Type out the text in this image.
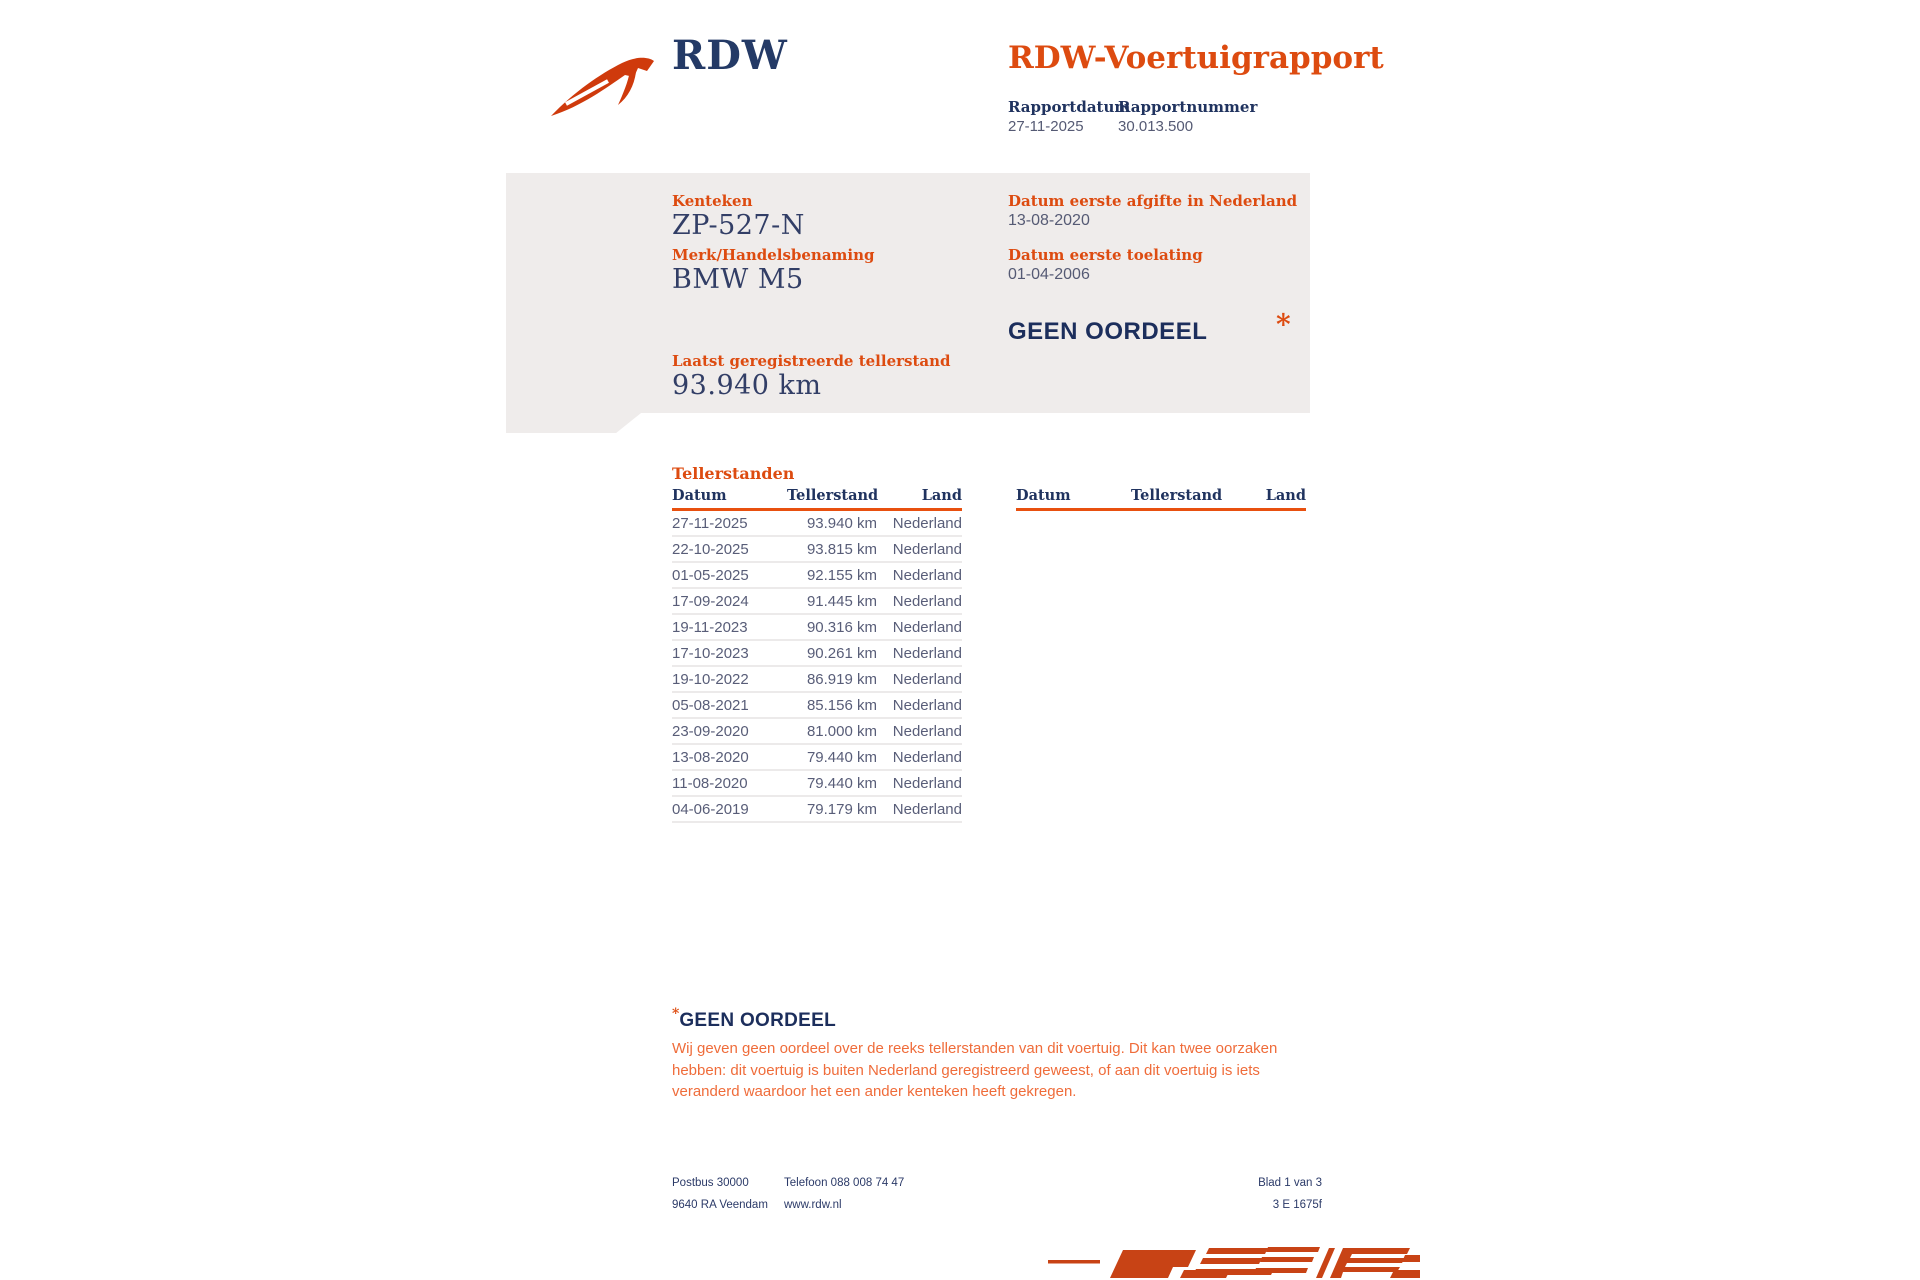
RDW	RDW-Voertuigrapport
Rapportdatum
27-11-2025
Rapportnummer
30.013.500
Kenteken
ZP-527-N
Merk/Handelsbenaming
BMW M5
Datum eerste afgifte in Nederland
13-08-2020
Datum eerste toelating
01-04-2006
GEEN OORDEEL *
Laatst geregistreerde tellerstand
93.940 km
Tellerstanden
Datum	Tellerstand	Land
27-11-2025	93.940 km	Nederland
22-10-2025	93.815 km	Nederland
01-05-2025	92.155 km	Nederland
17-09-2024	91.445 km	Nederland
19-11-2023	90.316 km	Nederland
17-10-2023	90.261 km	Nederland
19-10-2022	86.919 km	Nederland
05-08-2021	85.156 km	Nederland
23-09-2020	81.000 km	Nederland
13-08-2020	79.440 km	Nederland
11-08-2020	79.440 km	Nederland
04-06-2019	79.179 km	Nederland
Datum	Tellerstand	Land
*GEEN OORDEEL
Wij geven geen oordeel over de reeks tellerstanden van dit voertuig. Dit kan twee oorzaken hebben: dit voertuig is buiten Nederland geregistreerd geweest, of aan dit voertuig is iets veranderd waardoor het een ander kenteken heeft gekregen.
Postbus 30000
9640 RA Veendam
Telefoon 088 008 74 47
www.rdw.nl
Blad 1 van 3
3 E 1675f
